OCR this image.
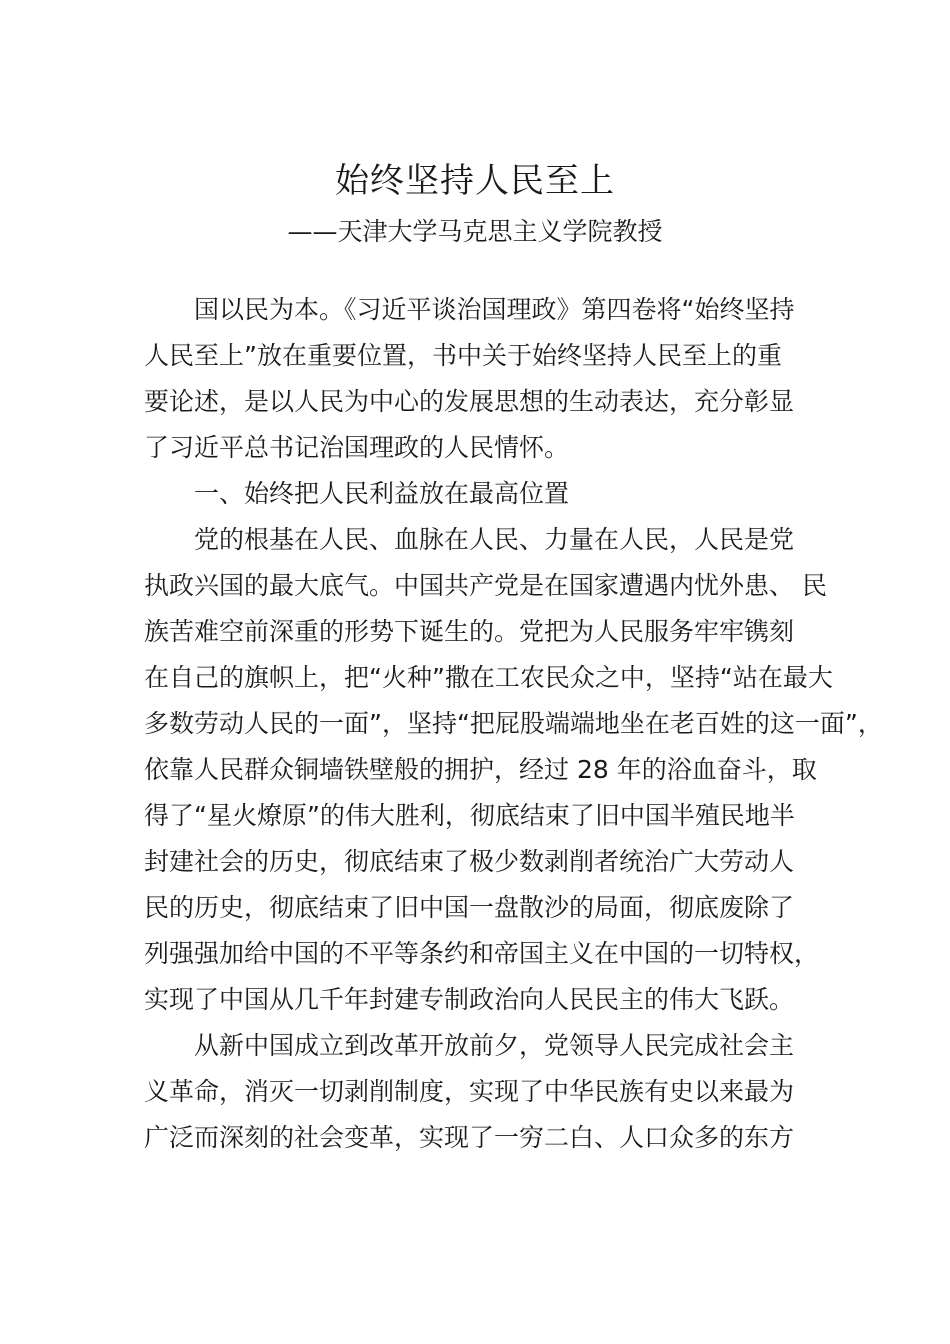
始终坚持人民至上
——天津大学马克思主义学院教授
国以民为本。《习近平谈治国理政》第四卷将“始终坚持
人民至上”放在重要位置，书中关于始终坚持人民至上的重
要论述，是以人民为中心的发展思想的生动表达，充分彰显
了习近平总书记治国理政的人民情怀。
一、始终把人民利益放在最高位置
党的根基在人民、血脉在人民、力量在人民，人民是党
执政兴国的最大底气。中国共产党是在国家遭遇内忧外患、 民
族苦难空前深重的形势下诞生的。党把为人民服务牢牢镌刻
在自己的旗帜上，把“火种”撒在工农民众之中，坚持“站在最大
多数劳动人民的一面”，坚持“把屁股端端地坐在老百姓的这一面”，
依靠人民群众铜墙铁壁般的拥护，经过 28 年的浴血奋斗，取
得了“星火燎原”的伟大胜利，彻底结束了旧中国半殖民地半
封建社会的历史，彻底结束了极少数剥削者统治广大劳动人
民的历史，彻底结束了旧中国一盘散沙的局面，彻底废除了
列强强加给中国的不平等条约和帝国主义在中国的一切特权，
实现了中国从几千年封建专制政治向人民民主的伟大飞跃。
从新中国成立到改革开放前夕，党领导人民完成社会主
义革命，消灭一切剥削制度，实现了中华民族有史以来最为
广泛而深刻的社会变革，实现了一穷二白、人口众多的东方
